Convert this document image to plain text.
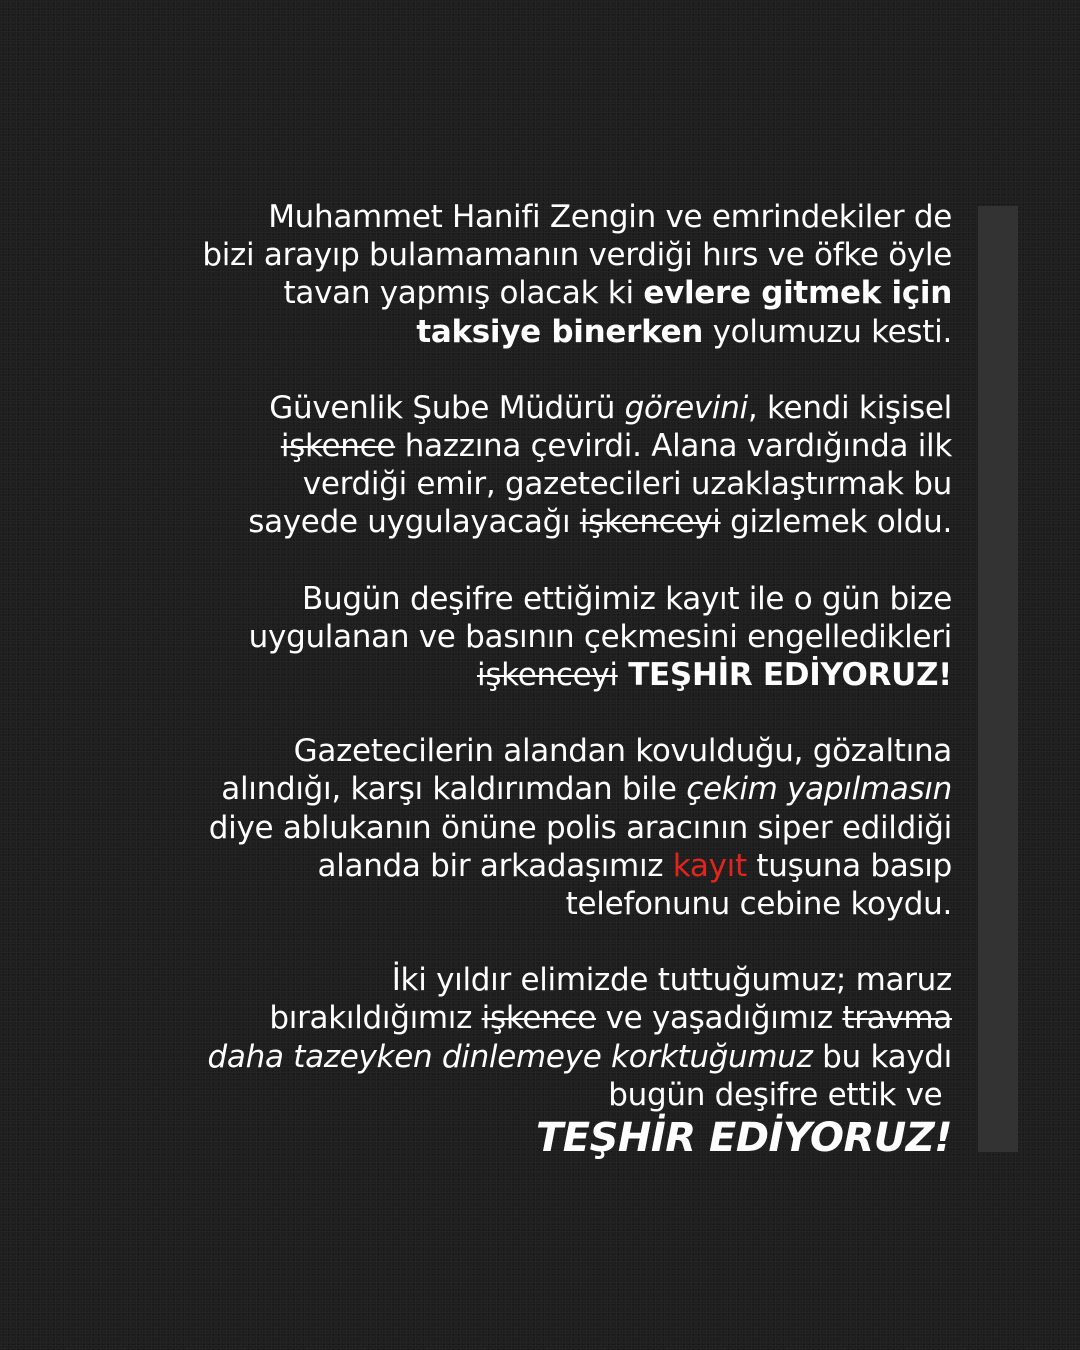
Muhammet Hanifi Zengin ve emrindekiler de
bizi arayıp bulamamanın verdiği hırs ve öfke öyle
tavan yapmış olacak ki evlere gitmek için
taksiye binerken yolumuzu kesti.
Güvenlik Şube Müdürü görevini, kendi kişisel
işkence hazzına çevirdi. Alana vardığında ilk
verdiği emir, gazetecileri uzaklaştırmak bu
sayede uygulayacağı işkenceyi gizlemek oldu.
Bugün deşifre ettiğimiz kayıt ile o gün bize
uygulanan ve basının çekmesini engelledikleri
işkenceyi TEŞHİR EDİYORUZ!
Gazetecilerin alandan kovulduğu, gözaltına
alındığı, karşı kaldırımdan bile çekim yapılmasın
diye ablukanın önüne polis aracının siper edildiği
alanda bir arkadaşımız kayıt tuşuna basıp
telefonunu cebine koydu.
İki yıldır elimizde tuttuğumuz; maruz
bırakıldığımız işkence ve yaşadığımız travma
daha tazeyken dinlemeye korktuğumuz bu kaydı
bugün deşifre ettik ve
TEŞHİR EDİYORUZ!
